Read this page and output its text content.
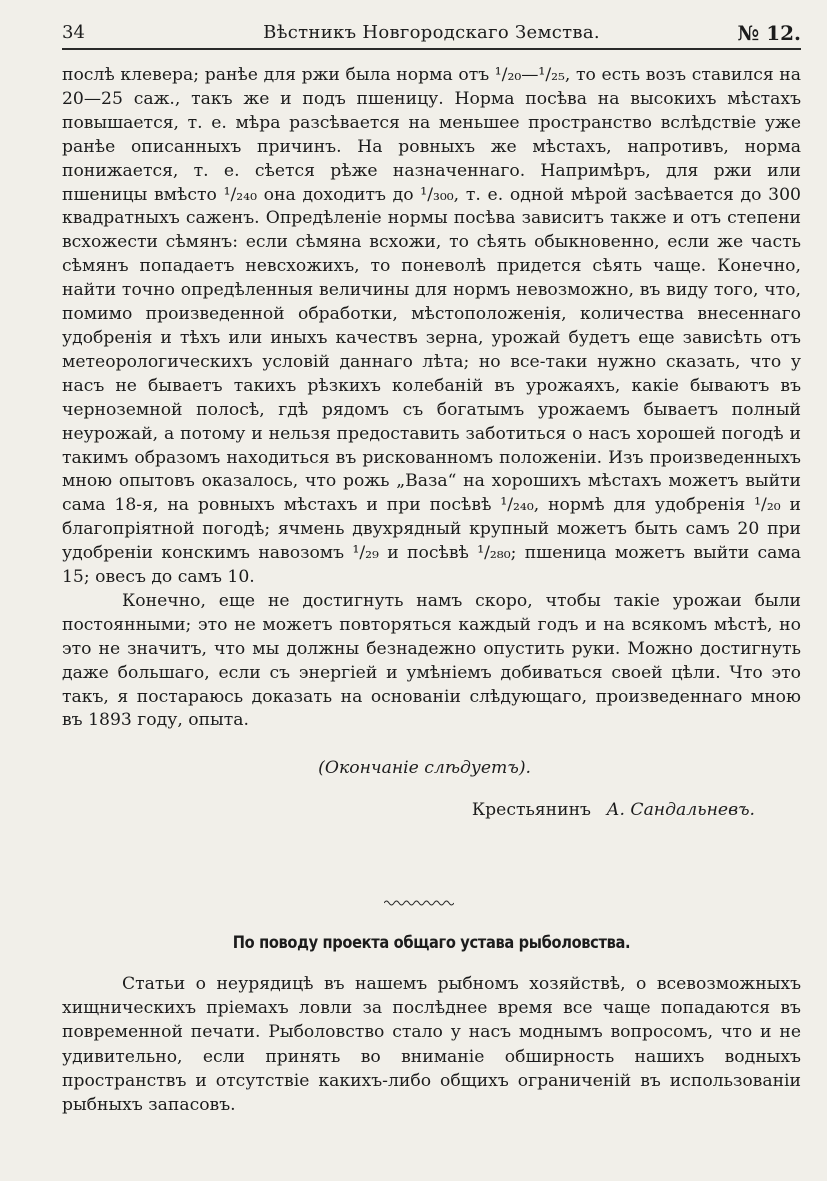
34	Вѣстникъ Новгородскаго Земства.	№ 12.

послѣ клевера; ранѣе для ржи была норма отъ ¹/₂₀—¹/₂₅, то есть возъ ставился на 20—25 саж., такъ же и подъ пшеницу. Норма посѣва на высокихъ мѣстахъ повышается, т. е. мѣра разсѣвается на меньшее пространство вслѣдствіе уже ранѣе описанныхъ причинъ. На ровныхъ же мѣстахъ, напротивъ, норма понижается, т. е. сѣется рѣже назначеннаго. Напримѣръ, для ржи или пшеницы вмѣсто ¹/₂₄₀ она доходитъ до ¹/₃₀₀, т. е. одной мѣрой засѣвается до 300 квадратныхъ саженъ. Опредѣленіе нормы посѣва зависитъ также и отъ степени всхожести сѣмянъ: если сѣмяна всхожи, то сѣять обыкновенно, если же часть сѣмянъ попадаетъ невсхожихъ, то поневолѣ придется сѣять чаще. Конечно, найти точно опредѣленныя величины для нормъ невозможно, въ виду того, что, помимо произведенной обработки, мѣстоположенія, количества внесеннаго удобренія и тѣхъ или иныхъ качествъ зерна, урожай будетъ еще зависѣть отъ метеорологическихъ условій даннаго лѣта; но все-таки нужно сказать, что у насъ не бываетъ такихъ рѣзкихъ колебаній въ урожаяхъ, какіе бываютъ въ черноземной полосѣ, гдѣ рядомъ съ богатымъ урожаемъ бываетъ полный неурожай, а потому и нельзя предоставить заботиться о насъ хорошей погодѣ и такимъ образомъ находиться въ рискованномъ положеніи. Изъ произведенныхъ мною опытовъ оказалось, что рожь „Ваза“ на хорошихъ мѣстахъ можетъ выйти сама 18-я, на ровныхъ мѣстахъ и при посѣвѣ ¹/₂₄₀, нормѣ для удобренія ¹/₂₀ и благопріятной погодѣ; ячмень двухрядный крупный можетъ быть самъ 20 при удобреніи конскимъ навозомъ ¹/₂₉ и посѣвѣ ¹/₂₈₀; пшеница можетъ выйти сама 15; овесъ до самъ 10.

Конечно, еще не достигнуть намъ скоро, чтобы такіе урожаи были постоянными; это не можетъ повторяться каждый годъ и на всякомъ мѣстѣ, но это не значитъ, что мы должны безнадежно опустить руки. Можно достигнуть даже большаго, если съ энергіей и умѣніемъ добиваться своей цѣли. Что это такъ, я постараюсь доказать на основаніи слѣдующаго, произведеннаго мною въ 1893 году, опыта.

(Окончаніе слѣдуетъ).

Крестьянинъ А. Сандальневъ.

По поводу проекта общаго устава рыболовства.

Статьи о неурядицѣ въ нашемъ рыбномъ хозяйствѣ, о всевозможныхъ хищническихъ пріемахъ ловли за послѣднее время все чаще попадаются въ повременной печати. Рыболовство стало у насъ моднымъ вопросомъ, что и не удивительно, если принять во вниманіе обширность нашихъ водныхъ пространствъ и отсутствіе какихъ-либо общихъ ограниченій въ использованіи рыбныхъ запасовъ.
